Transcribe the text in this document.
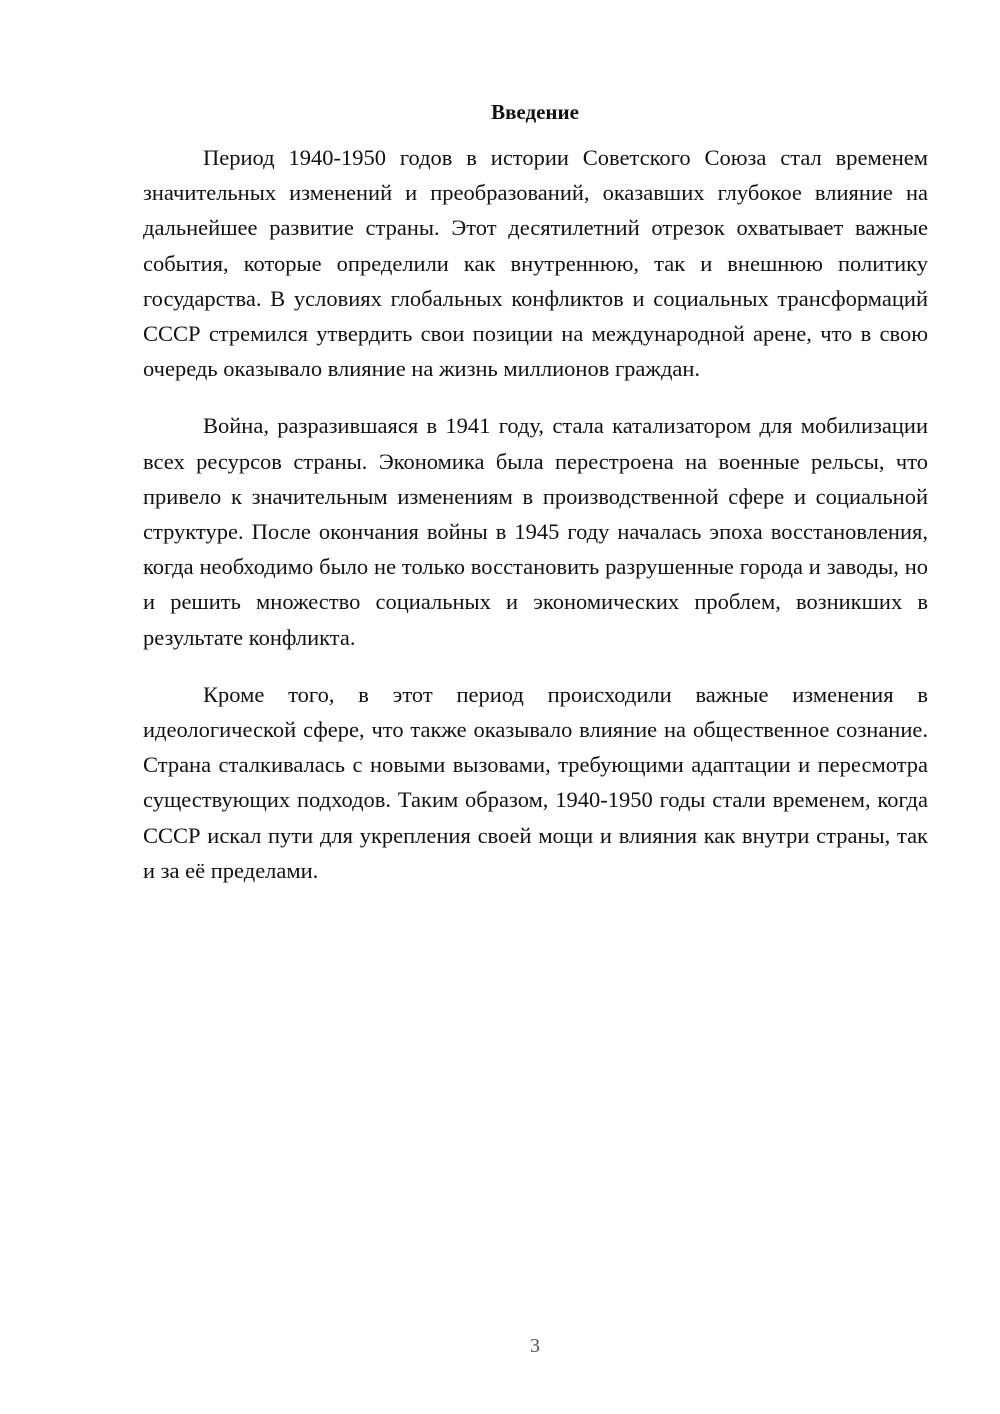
Введение

Период 1940-1950 годов в истории Советского Союза стал временем значительных изменений и преобразований, оказавших глубокое влияние на дальнейшее развитие страны. Этот десятилетний отрезок охватывает важные события, которые определили как внутреннюю, так и внешнюю политику государства. В условиях глобальных конфликтов и социальных трансформаций СССР стремился утвердить свои позиции на международной арене, что в свою очередь оказывало влияние на жизнь миллионов граждан.

Война, разразившаяся в 1941 году, стала катализатором для мобилизации всех ресурсов страны. Экономика была перестроена на военные рельсы, что привело к значительным изменениям в производственной сфере и социальной структуре. После окончания войны в 1945 году началась эпоха восстановления, когда необходимо было не только восстановить разрушенные города и заводы, но и решить множество социальных и экономических проблем, возникших в результате конфликта.

Кроме того, в этот период происходили важные изменения в идеологической сфере, что также оказывало влияние на общественное сознание. Страна сталкивалась с новыми вызовами, требующими адаптации и пересмотра существующих подходов. Таким образом, 1940-1950 годы стали временем, когда СССР искал пути для укрепления своей мощи и влияния как внутри страны, так и за её пределами.

3
